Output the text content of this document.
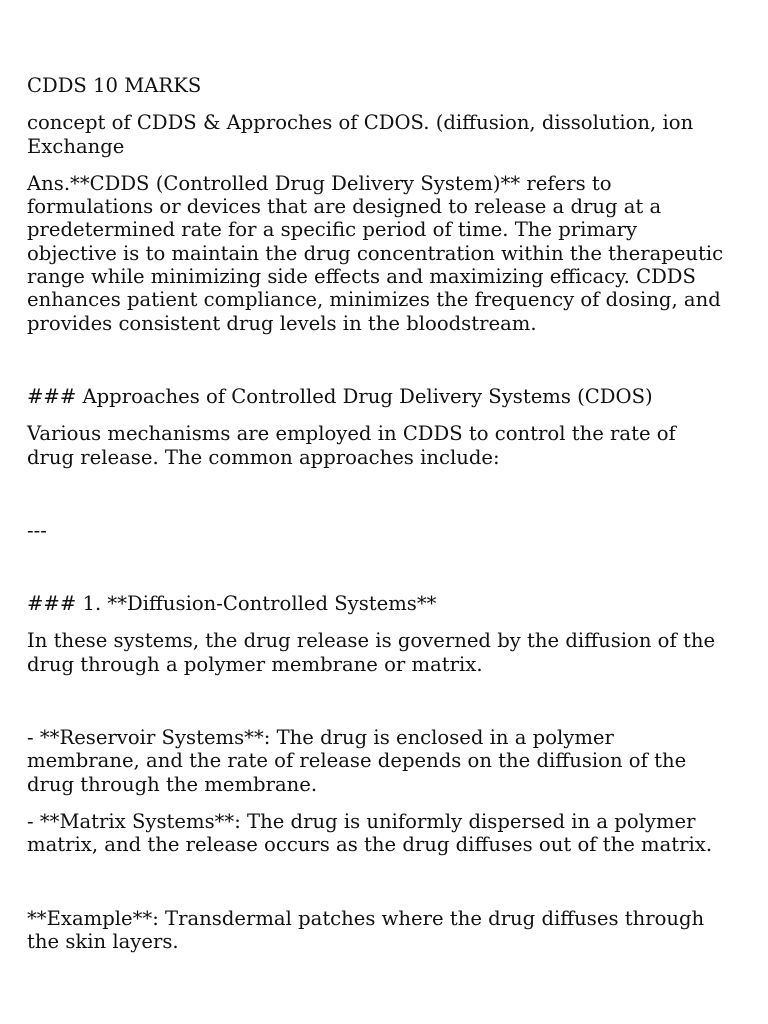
CDDS 10 MARKS

concept of CDDS & Approches of CDOS. (diffusion, dissolution, ion Exchange

Ans.**CDDS (Controlled Drug Delivery System)** refers to formulations or devices that are designed to release a drug at a predetermined rate for a specific period of time. The primary objective is to maintain the drug concentration within the therapeutic range while minimizing side effects and maximizing efficacy. CDDS enhances patient compliance, minimizes the frequency of dosing, and provides consistent drug levels in the bloodstream.

### Approaches of Controlled Drug Delivery Systems (CDOS)

Various mechanisms are employed in CDDS to control the rate of drug release. The common approaches include:

---

### 1. **Diffusion-Controlled Systems**

In these systems, the drug release is governed by the diffusion of the drug through a polymer membrane or matrix.

- **Reservoir Systems**: The drug is enclosed in a polymer membrane, and the rate of release depends on the diffusion of the drug through the membrane.

- **Matrix Systems**: The drug is uniformly dispersed in a polymer matrix, and the release occurs as the drug diffuses out of the matrix.

**Example**: Transdermal patches where the drug diffuses through the skin layers.
